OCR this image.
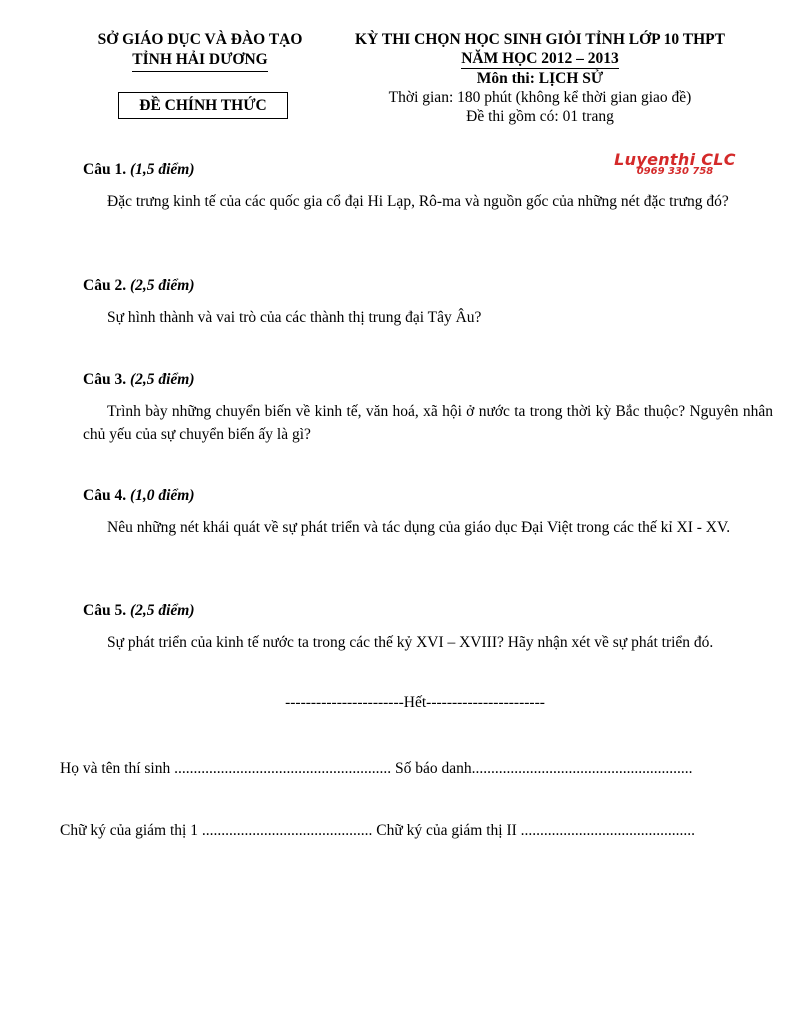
SỞ GIÁO DỤC VÀ ĐÀO TẠO
TỈNH HẢI DƯƠNG
KỲ THI CHỌN HỌC SINH GIỎI TỈNH LỚP 10 THPT
NĂM HỌC 2012 – 2013
Môn thi: LỊCH SỬ
Thời gian: 180 phút (không kể thời gian giao đề)
Đề thi gồm có: 01 trang
ĐỀ CHÍNH THỨC
Luyenthi CLC
0969 330 758
Câu 1. (1,5 điểm)
Đặc trưng kinh tế của các quốc gia cổ đại Hi Lạp, Rô-ma và nguồn gốc của những nét đặc trưng đó?
Câu 2. (2,5 điểm)
Sự hình thành và vai trò của các thành thị trung đại Tây Âu?
Câu 3. (2,5 điểm)
Trình bày những chuyển biến về kinh tế, văn hoá, xã hội ở nước ta trong thời kỳ Bắc thuộc? Nguyên nhân chủ yếu của sự chuyển biến ấy là gì?
Câu 4. (1,0 điểm)
Nêu những nét khái quát về sự phát triển và tác dụng của giáo dục Đại Việt trong các thế kỉ XI - XV.
Câu 5. (2,5 điểm)
Sự phát triển của kinh tế nước ta trong các thế kỷ XVI – XVIII? Hãy nhận xét về sự phát triển đó.
-----------------------Hết-----------------------
Họ và tên thí sinh ........................................................ Số báo danh.........................................................
Chữ ký của giám thị 1 ............................................ Chữ ký của giám thị II .............................................
